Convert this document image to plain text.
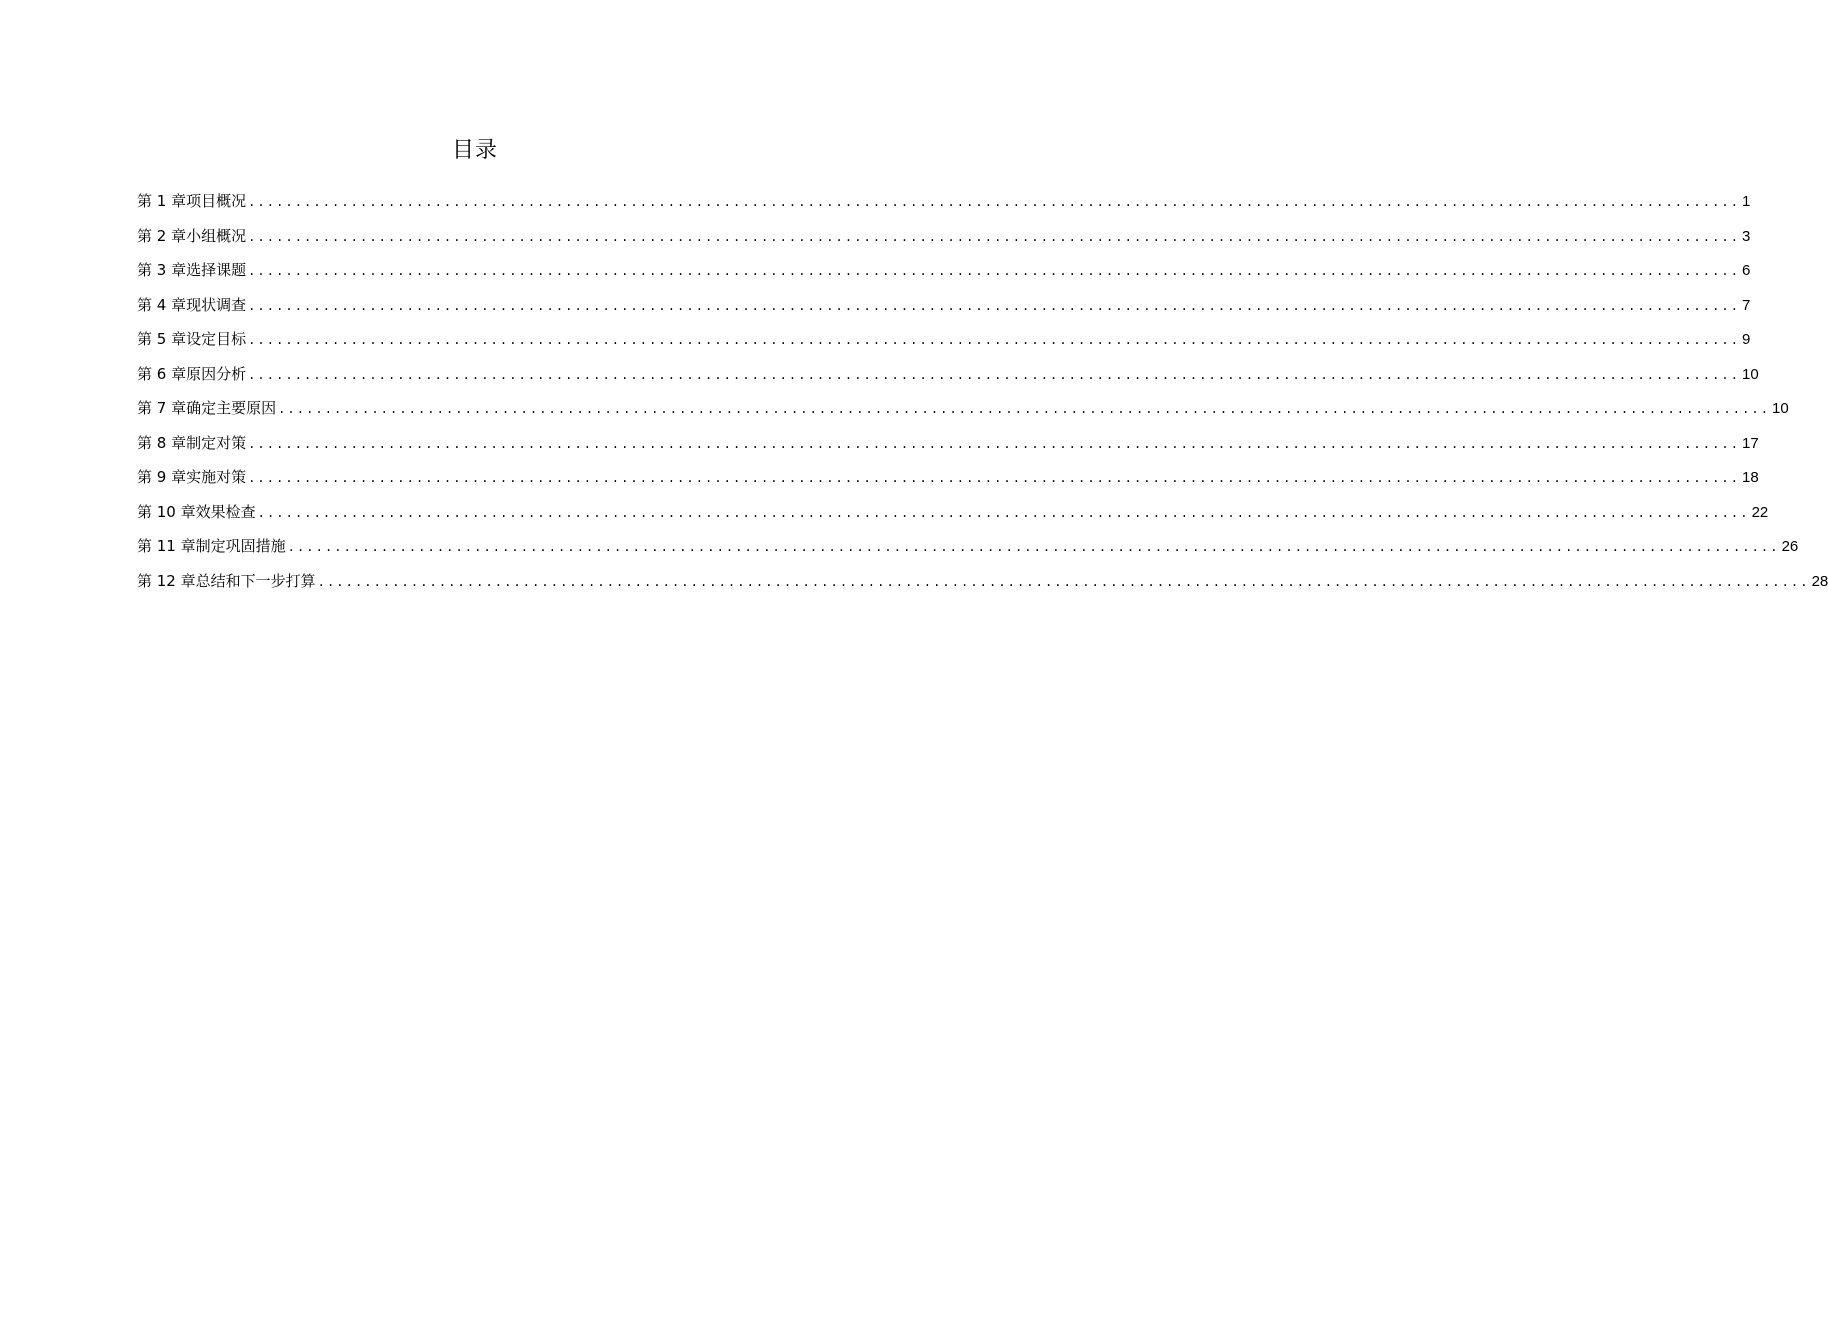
目录
第 1 章 项目概况 ................................................................................................................................................................ 1
第 2 章 小组概况 ................................................................................................................................................................ 3
第 3 章 选择课题 ................................................................................................................................................................ 6
第 4 章 现状调查 ................................................................................................................................................................ 7
第 5 章 设定目标 ................................................................................................................................................................ 9
第 6 章 原因分析 ................................................................................................................................................................ 10
第 7 章 确定主要原因 ................................................................................................................................................................ 10
第 8 章 制定对策 ................................................................................................................................................................ 17
第 9 章 实施对策 ................................................................................................................................................................ 18
第 10 章 效果检查 ................................................................................................................................................................ 22
第 11 章 制定巩固措施 ................................................................................................................................................................ 26
第 12 章 总结和下一步打算 ................................................................................................................................................................ 28
